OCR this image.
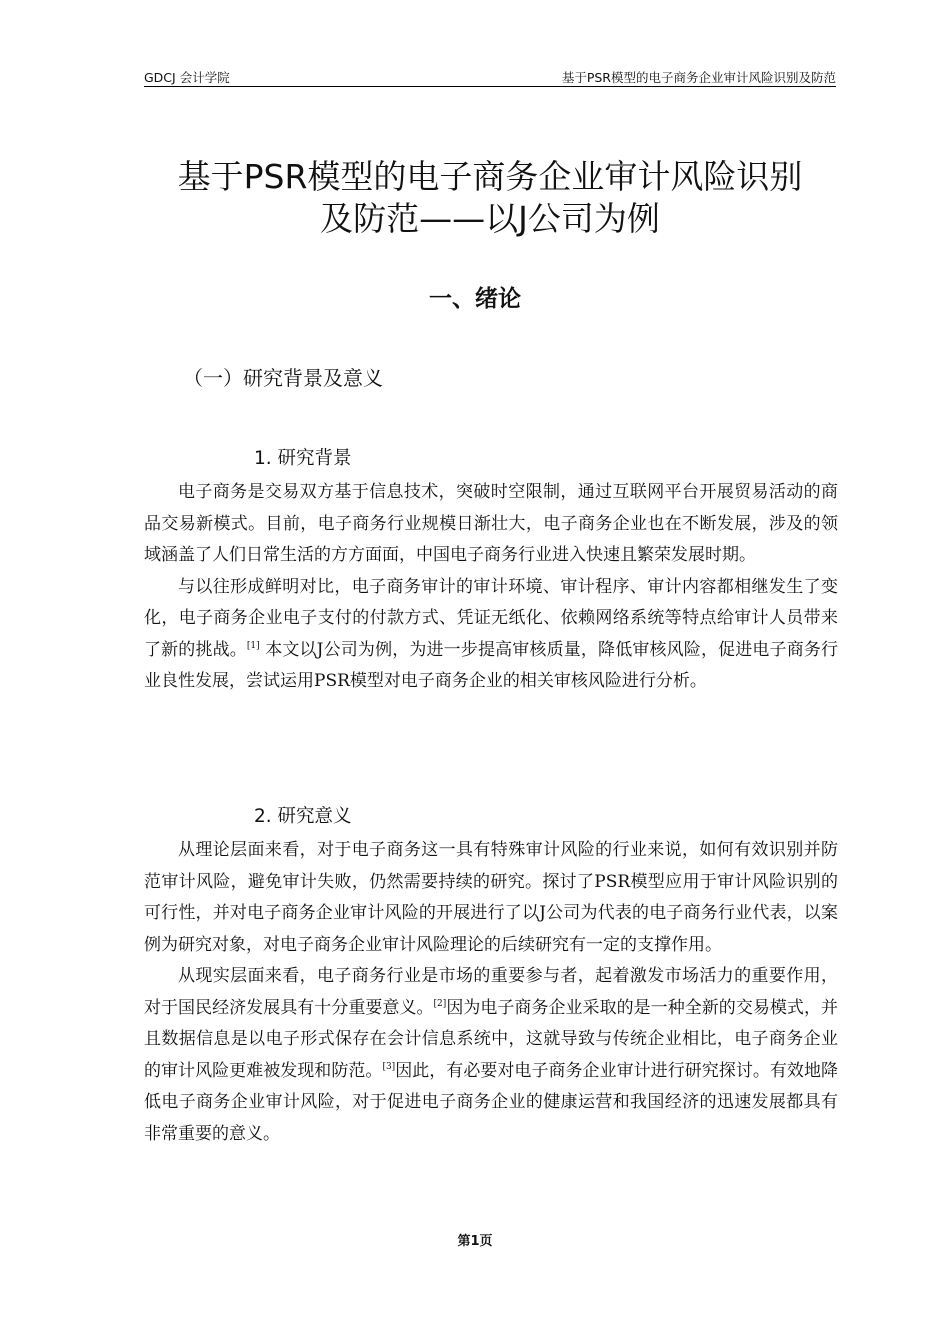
GDCJ 会计学院	基于PSR模型的电子商务企业审计风险识别及防范
基于PSR模型的电子商务企业审计风险识别
及防范——以J公司为例
一、绪论
（一）研究背景及意义
1. 研究背景

电子商务是交易双方基于信息技术，突破时空限制，通过互联网平台开展贸易活动的商品交易新模式。目前，电子商务行业规模日渐壮大，电子商务企业也在不断发展，涉及的领域涵盖了人们日常生活的方方面面，中国电子商务行业进入快速且繁荣发展时期。

与以往形成鲜明对比，电子商务审计的审计环境、审计程序、审计内容都相继发生了变化，电子商务企业电子支付的付款方式、凭证无纸化、依赖网络系统等特点给审计人员带来了新的挑战。[1] 本文以J公司为例，为进一步提高审核质量，降低审核风险，促进电子商务行业良性发展，尝试运用PSR模型对电子商务企业的相关审核风险进行分析。

2. 研究意义

从理论层面来看，对于电子商务这一具有特殊审计风险的行业来说，如何有效识别并防范审计风险，避免审计失败，仍然需要持续的研究。探讨了PSR模型应用于审计风险识别的可行性，并对电子商务企业审计风险的开展进行了以J公司为代表的电子商务行业代表，以案例为研究对象，对电子商务企业审计风险理论的后续研究有一定的支撑作用。

从现实层面来看，电子商务行业是市场的重要参与者，起着激发市场活力的重要作用，对于国民经济发展具有十分重要意义。[2]因为电子商务企业采取的是一种全新的交易模式，并且数据信息是以电子形式保存在会计信息系统中，这就导致与传统企业相比，电子商务企业的审计风险更难被发现和防范。[3]因此，有必要对电子商务企业审计进行研究探讨。有效地降低电子商务企业审计风险，对于促进电子商务企业的健康运营和我国经济的迅速发展都具有非常重要的意义。

第1页
